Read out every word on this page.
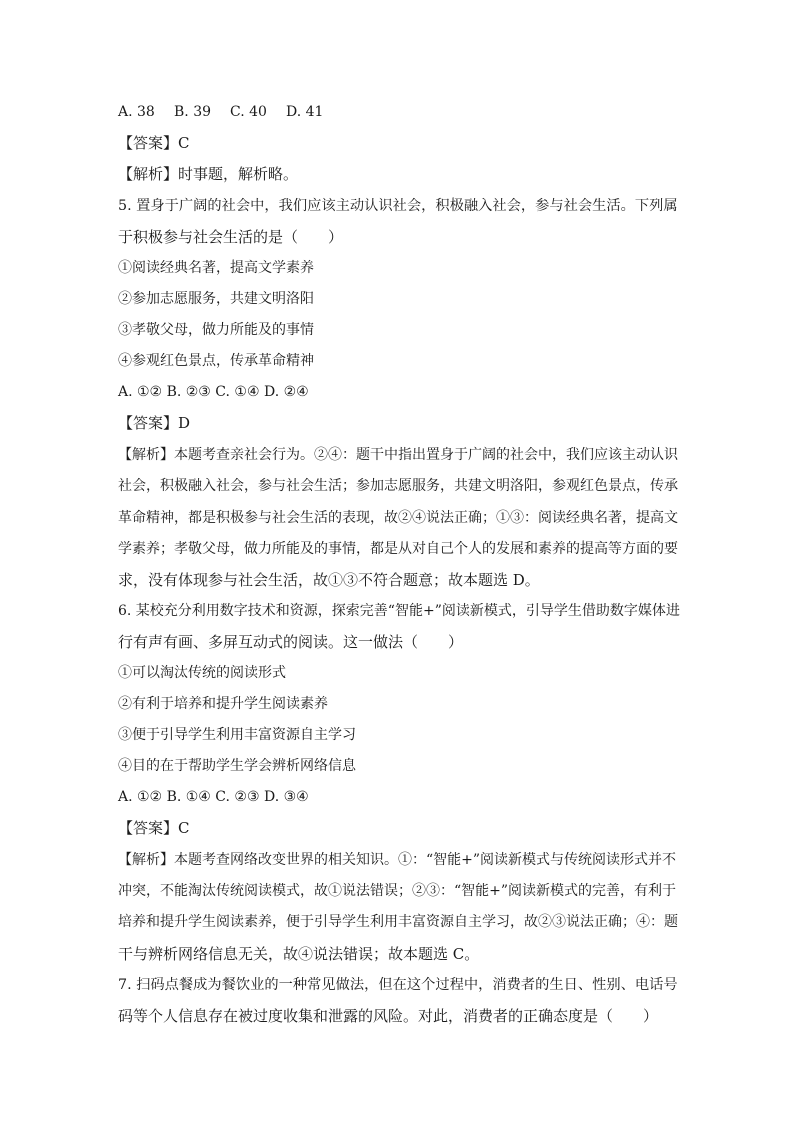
A. 38 B. 39 C. 40 D. 41
【答案】C
【解析】时事题，解析略。
5. 置身于广阔的社会中，我们应该主动认识社会，积极融入社会，参与社会生活。下列属
于积极参与社会生活的是（　　）
①阅读经典名著，提高文学素养
②参加志愿服务，共建文明洛阳
③孝敬父母，做力所能及的事情
④参观红色景点，传承革命精神
A. ①② B. ②③ C. ①④ D. ②④
【答案】D
【解析】本题考查亲社会行为。②④：题干中指出置身于广阔的社会中，我们应该主动认识
社会，积极融入社会，参与社会生活；参加志愿服务，共建文明洛阳，参观红色景点，传承
革命精神，都是积极参与社会生活的表现，故②④说法正确；①③：阅读经典名著，提高文
学素养；孝敬父母，做力所能及的事情，都是从对自己个人的发展和素养的提高等方面的要
求，没有体现参与社会生活，故①③不符合题意；故本题选 D。
6. 某校充分利用数字技术和资源，探索完善“智能+”阅读新模式，引导学生借助数字媒体进
行有声有画、多屏互动式的阅读。这一做法（　　）
①可以淘汰传统的阅读形式
②有利于培养和提升学生阅读素养
③便于引导学生利用丰富资源自主学习
④目的在于帮助学生学会辨析网络信息
A. ①② B. ①④ C. ②③ D. ③④
【答案】C
【解析】本题考查网络改变世界的相关知识。①：“智能+”阅读新模式与传统阅读形式并不
冲突，不能淘汰传统阅读模式，故①说法错误；②③：“智能+”阅读新模式的完善，有利于
培养和提升学生阅读素养，便于引导学生利用丰富资源自主学习，故②③说法正确；④：题
干与辨析网络信息无关，故④说法错误；故本题选 C。
7. 扫码点餐成为餐饮业的一种常见做法，但在这个过程中，消费者的生日、性别、电话号
码等个人信息存在被过度收集和泄露的风险。对此，消费者的正确态度是（　　）
